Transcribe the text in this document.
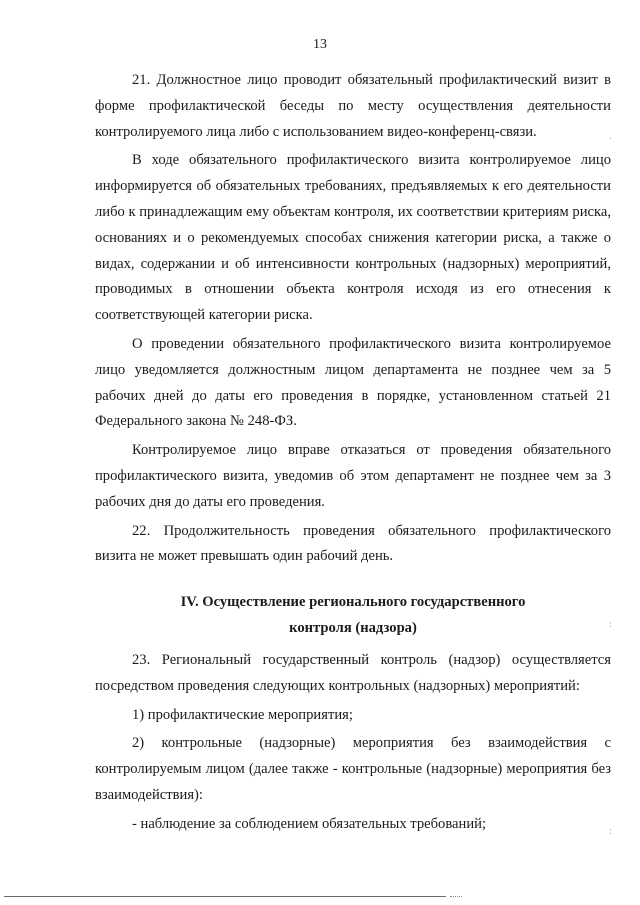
13

21. Должностное лицо проводит обязательный профилактический визит в форме профилактической беседы по месту осуществления деятельности контролируемого лица либо с использованием видео-конференц-связи.

В ходе обязательного профилактического визита контролируемое лицо информируется об обязательных требованиях, предъявляемых к его деятельности либо к принадлежащим ему объектам контроля, их соответствии критериям риска, основаниях и о рекомендуемых способах снижения категории риска, а также о видах, содержании и об интенсивности контрольных (надзорных) мероприятий, проводимых в отношении объекта контроля исходя из его отнесения к соответствующей категории риска.

О проведении обязательного профилактического визита контролируемое лицо уведомляется должностным лицом департамента не позднее чем за 5 рабочих дней до даты его проведения в порядке, установленном статьей 21 Федерального закона № 248-ФЗ.

Контролируемое лицо вправе отказаться от проведения обязательного профилактического визита, уведомив об этом департамент не позднее чем за 3 рабочих дня до даты его проведения.

22. Продолжительность проведения обязательного профилактического визита не может превышать один рабочий день.

IV. Осуществление регионального государственного

контроля (надзора)

23. Региональный государственный контроль (надзор) осуществляется посредством проведения следующих контрольных (надзорных) мероприятий:

1) профилактические мероприятия;

2) контрольные (надзорные) мероприятия без взаимодействия с контролируемым лицом (далее также - контрольные (надзорные) мероприятия без взаимодействия):

- наблюдение за соблюдением обязательных требований;

.
:
:
